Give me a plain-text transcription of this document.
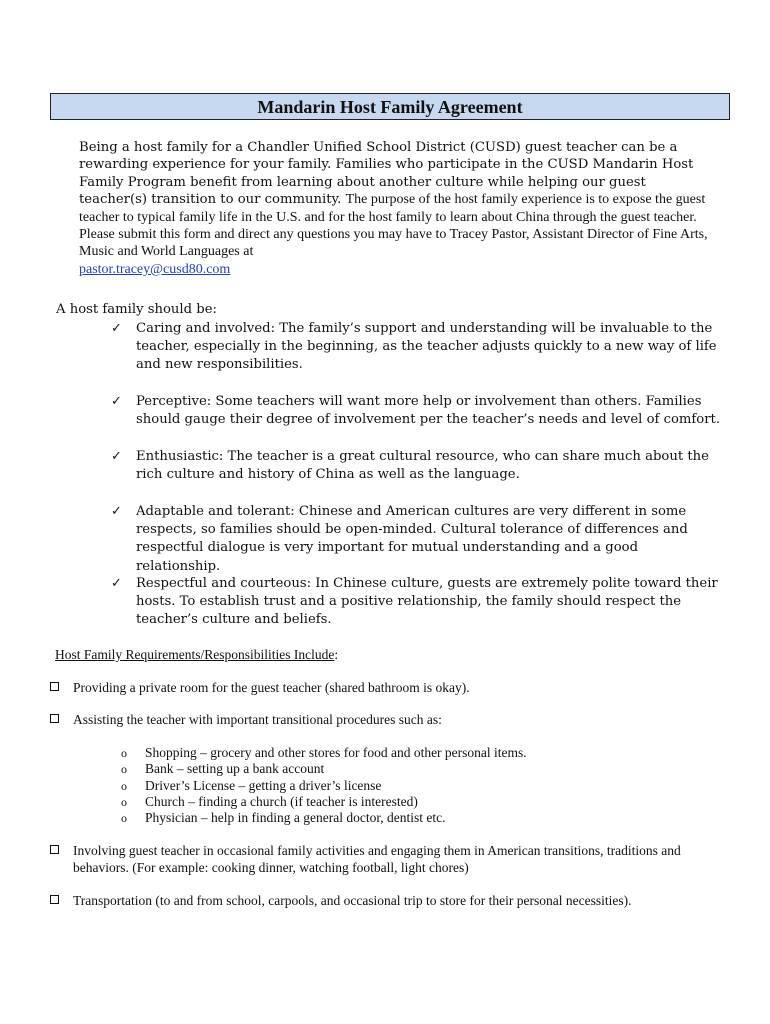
Mandarin Host Family Agreement
Being a host family for a Chandler Unified School District (CUSD) guest teacher can be a rewarding experience for your family. Families who participate in the CUSD Mandarin Host Family Program benefit from learning about another culture while helping our guest teacher(s) transition to our community. The purpose of the host family experience is to expose the guest teacher to typical family life in the U.S. and for the host family to learn about China through the guest teacher. Please submit this form and direct any questions you may have to Tracey Pastor, Assistant Director of Fine Arts, Music and World Languages at
pastor.tracey@cusd80.com
A host family should be:
✓ Caring and involved: The family’s support and understanding will be invaluable to the teacher, especially in the beginning, as the teacher adjusts quickly to a new way of life and new responsibilities.
✓ Perceptive: Some teachers will want more help or involvement than others. Families should gauge their degree of involvement per the teacher’s needs and level of comfort.
✓ Enthusiastic: The teacher is a great cultural resource, who can share much about the rich culture and history of China as well as the language.
✓ Adaptable and tolerant: Chinese and American cultures are very different in some respects, so families should be open-minded. Cultural tolerance of differences and respectful dialogue is very important for mutual understanding and a good relationship.
✓ Respectful and courteous: In Chinese culture, guests are extremely polite toward their hosts. To establish trust and a positive relationship, the family should respect the teacher’s culture and beliefs.
Host Family Requirements/Responsibilities Include:
Providing a private room for the guest teacher (shared bathroom is okay).
Assisting the teacher with important transitional procedures such as:
o Shopping – grocery and other stores for food and other personal items.
o Bank – setting up a bank account
o Driver’s License – getting a driver’s license
o Church – finding a church (if teacher is interested)
o Physician – help in finding a general doctor, dentist etc.
Involving guest teacher in occasional family activities and engaging them in American transitions, traditions and behaviors. (For example: cooking dinner, watching football, light chores)
Transportation (to and from school, carpools, and occasional trip to store for their personal necessities).
